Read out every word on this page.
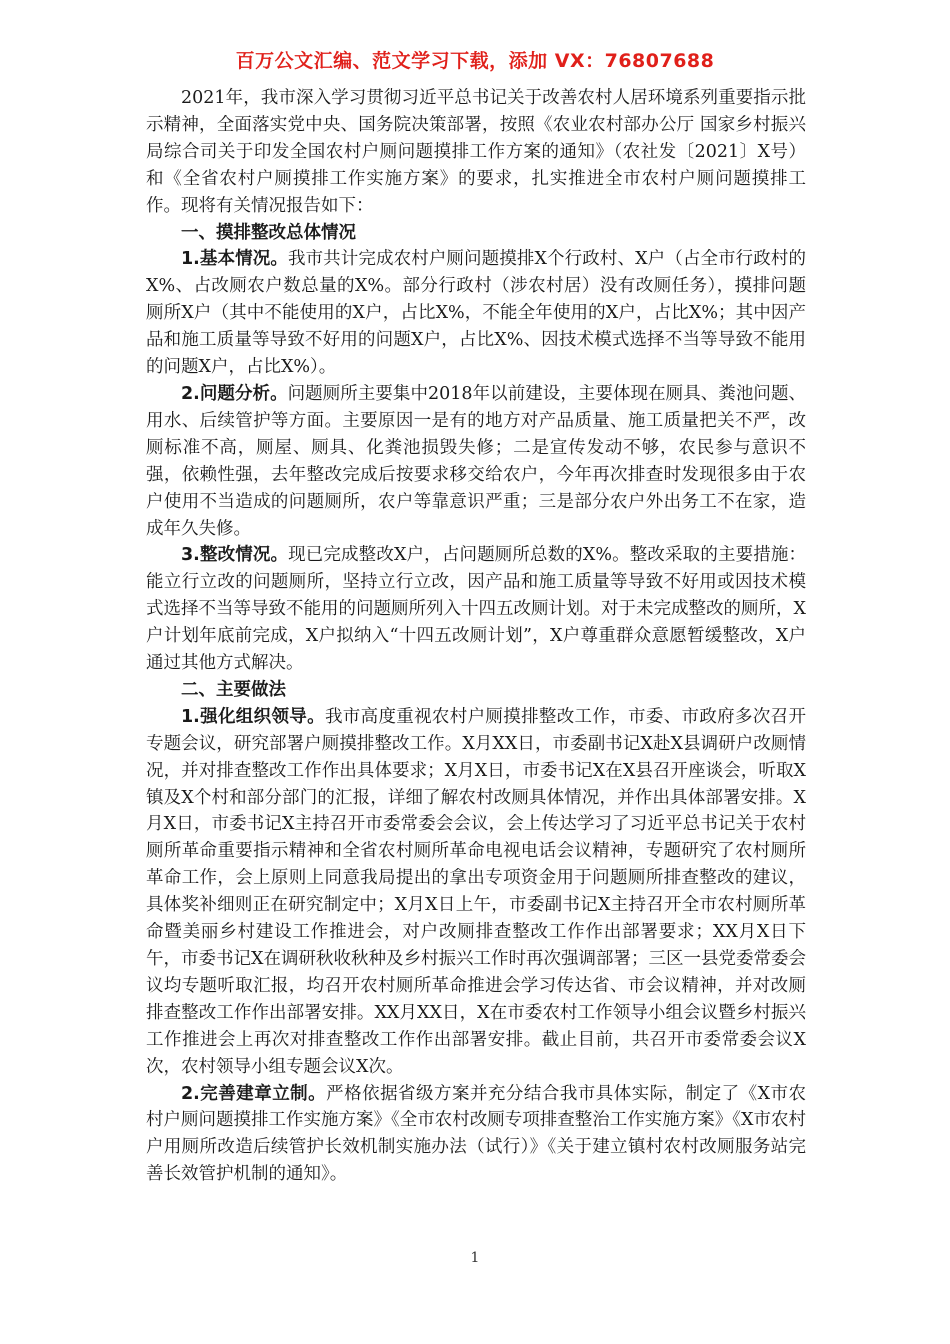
百万公文汇编、范文学习下载，添加 VX：76807688

2021年，我市深入学习贯彻习近平总书记关于改善农村人居环境系列重要指示批示精神，全面落实党中央、国务院决策部署，按照《农业农村部办公厅 国家乡村振兴局综合司关于印发全国农村户厕问题摸排工作方案的通知》（农社发〔2021〕X号）和《全省农村户厕摸排工作实施方案》的要求，扎实推进全市农村户厕问题摸排工作。现将有关情况报告如下：

一、摸排整改总体情况

1.基本情况。我市共计完成农村户厕问题摸排X个行政村、X户（占全市行政村的X%、占改厕农户数总量的X%。部分行政村（涉农村居）没有改厕任务），摸排问题厕所X户（其中不能使用的X户，占比X%，不能全年使用的X户，占比X%；其中因产品和施工质量等导致不好用的问题X户，占比X%、因技术模式选择不当等导致不能用的问题X户，占比X%）。

2.问题分析。问题厕所主要集中2018年以前建设，主要体现在厕具、粪池问题、用水、后续管护等方面。主要原因一是有的地方对产品质量、施工质量把关不严，改厕标准不高，厕屋、厕具、化粪池损毁失修；二是宣传发动不够，农民参与意识不强，依赖性强，去年整改完成后按要求移交给农户，今年再次排查时发现很多由于农户使用不当造成的问题厕所，农户等靠意识严重；三是部分农户外出务工不在家，造成年久失修。

3.整改情况。现已完成整改X户，占问题厕所总数的X%。整改采取的主要措施：能立行立改的问题厕所，坚持立行立改，因产品和施工质量等导致不好用或因技术模式选择不当等导致不能用的问题厕所列入十四五改厕计划。对于未完成整改的厕所，X户计划年底前完成，X户拟纳入“十四五改厕计划”，X户尊重群众意愿暂缓整改，X户通过其他方式解决。

二、主要做法

1.强化组织领导。我市高度重视农村户厕摸排整改工作，市委、市政府多次召开专题会议，研究部署户厕摸排整改工作。X月XX日，市委副书记X赴X县调研户改厕情况，并对排查整改工作作出具体要求；X月X日，市委书记X在X县召开座谈会，听取X镇及X个村和部分部门的汇报，详细了解农村改厕具体情况，并作出具体部署安排。X月X日，市委书记X主持召开市委常委会会议，会上传达学习了习近平总书记关于农村厕所革命重要指示精神和全省农村厕所革命电视电话会议精神，专题研究了农村厕所革命工作，会上原则上同意我局提出的拿出专项资金用于问题厕所排查整改的建议，具体奖补细则正在研究制定中；X月X日上午，市委副书记X主持召开全市农村厕所革命暨美丽乡村建设工作推进会，对户改厕排查整改工作作出部署要求；XX月X日下午，市委书记X在调研秋收秋种及乡村振兴工作时再次强调部署；三区一县党委常委会议均专题听取汇报，均召开农村厕所革命推进会学习传达省、市会议精神，并对改厕排查整改工作作出部署安排。XX月XX日，X在市委农村工作领导小组会议暨乡村振兴工作推进会上再次对排查整改工作作出部署安排。截止目前，共召开市委常委会议X次，农村领导小组专题会议X次。

2.完善建章立制。严格依据省级方案并充分结合我市具体实际，制定了《X市农村户厕问题摸排工作实施方案》《全市农村改厕专项排查整治工作实施方案》《X市农村户用厕所改造后续管护长效机制实施办法（试行）》《关于建立镇村农村改厕服务站完善长效管护机制的通知》。

1
